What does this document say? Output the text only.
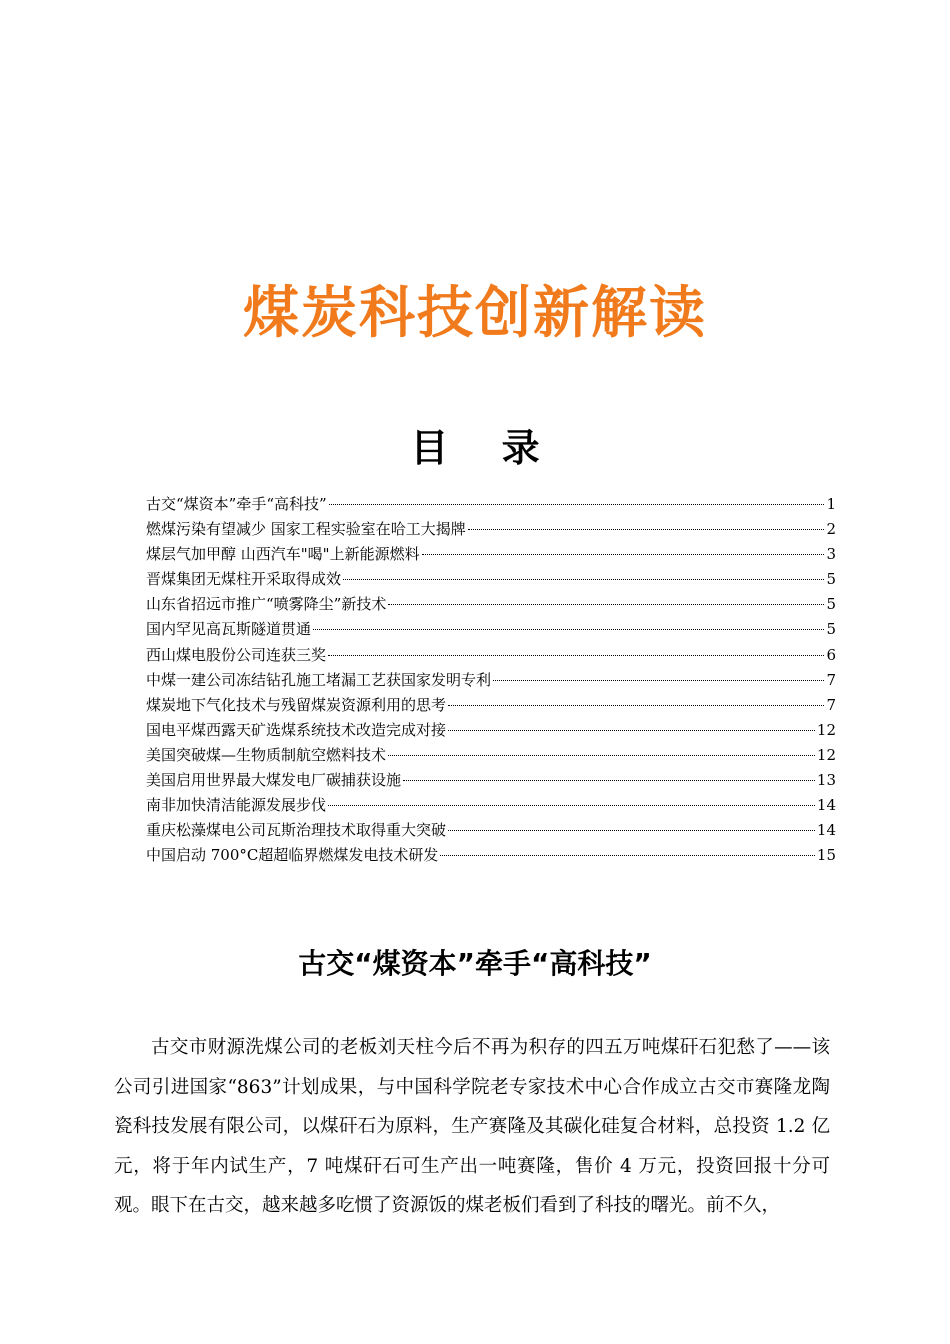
煤炭科技创新解读
目 录
古交“煤资本”牵手“高科技”	1
燃煤污染有望减少 国家工程实验室在哈工大揭牌	2
煤层气加甲醇 山西汽车"喝"上新能源燃料	3
晋煤集团无煤柱开采取得成效	5
山东省招远市推广“喷雾降尘”新技术	5
国内罕见高瓦斯隧道贯通	5
西山煤电股份公司连获三奖	6
中煤一建公司冻结钻孔施工堵漏工艺获国家发明专利	7
煤炭地下气化技术与残留煤炭资源利用的思考	7
国电平煤西露天矿选煤系统技术改造完成对接	12
美国突破煤—生物质制航空燃料技术	12
美国启用世界最大煤发电厂碳捕获设施	13
南非加快清洁能源发展步伐	14
重庆松藻煤电公司瓦斯治理技术取得重大突破	14
中国启动 700°C超超临界燃煤发电技术研发	15
古交“煤资本”牵手“高科技”

古交市财源洗煤公司的老板刘天柱今后不再为积存的四五万吨煤矸石犯愁了——该公司引进国家“863”计划成果，与中国科学院老专家技术中心合作成立古交市赛隆龙陶瓷科技发展有限公司，以煤矸石为原料，生产赛隆及其碳化硅复合材料，总投资 1.2 亿元，将于年内试生产，7 吨煤矸石可生产出一吨赛隆，售价 4 万元，投资回报十分可观。眼下在古交，越来越多吃惯了资源饭的煤老板们看到了科技的曙光。前不久，
